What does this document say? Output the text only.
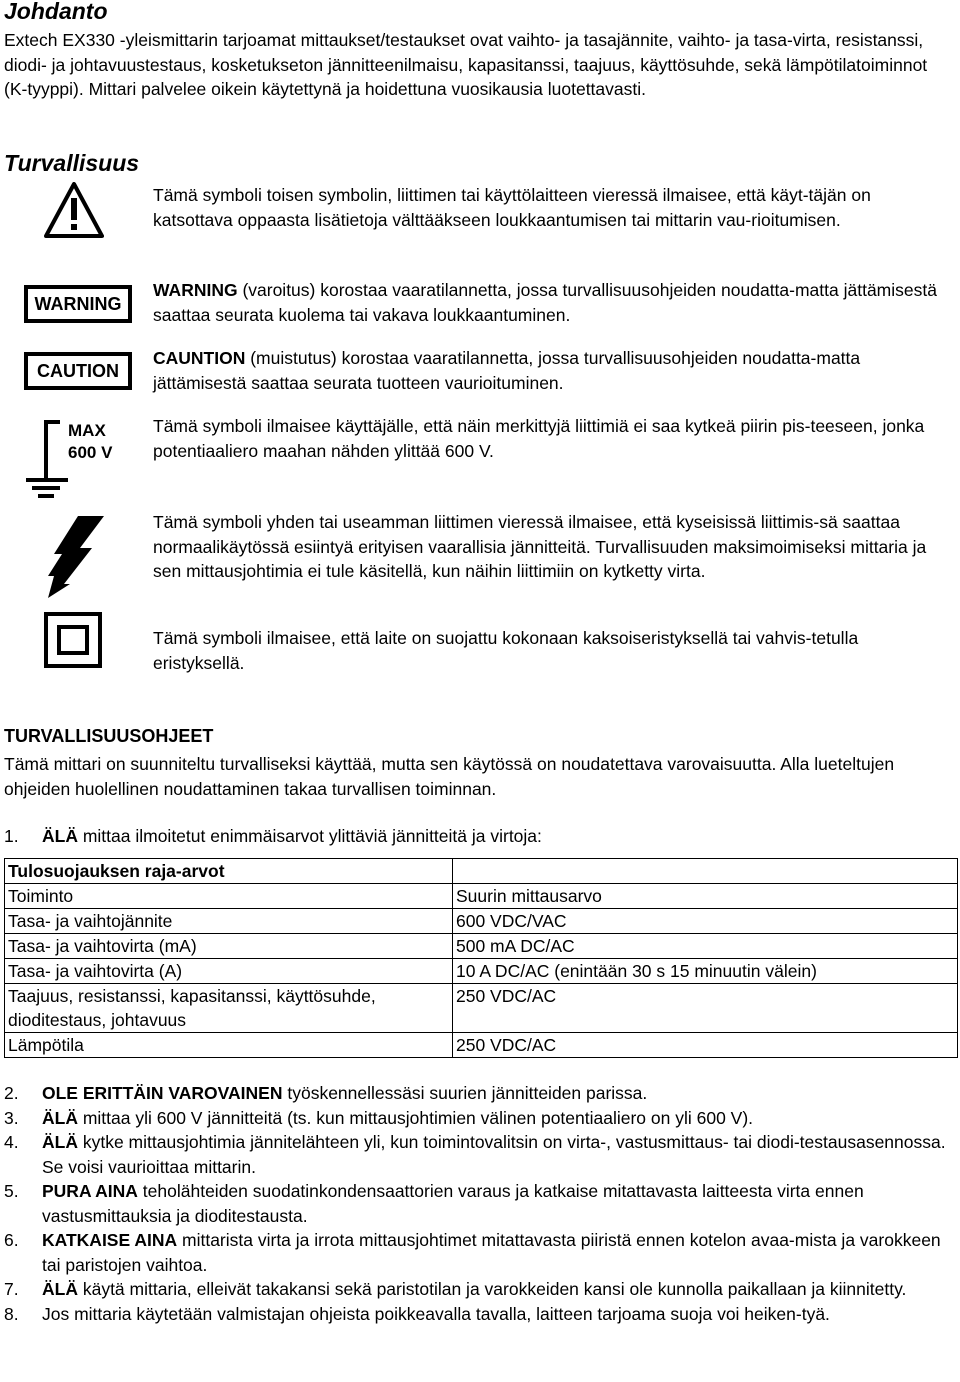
Johdanto
Extech EX330 -yleismittarin tarjoamat mittaukset/testaukset ovat vaihto- ja tasajännite, vaihto- ja tasa-virta, resistanssi, diodi- ja johtavuustestaus, kosketukseton jännitteenilmaisu, kapasitanssi, taajuus, käyttösuhde, sekä lämpötilatoiminnot (K-tyyppi). Mittari palvelee oikein käytettynä ja hoidettuna vuosikausia luotettavasti.
Turvallisuus
Tämä symboli toisen symbolin, liittimen tai käyttölaitteen vieressä ilmaisee, että käyt-täjän on katsottava oppaasta lisätietoja välttääkseen loukkaantumisen tai mittarin vau-rioitumisen.
WARNING
WARNING (varoitus) korostaa vaaratilannetta, jossa turvallisuusohjeiden noudatta-matta jättämisestä saattaa seurata kuolema tai vakava loukkaantuminen.
CAUTION
CAUNTION (muistutus) korostaa vaaratilannetta, jossa turvallisuusohjeiden noudatta-matta jättämisestä saattaa seurata tuotteen vaurioituminen.
MAX
600 V
Tämä symboli ilmaisee käyttäjälle, että näin merkittyjä liittimiä ei saa kytkeä piirin pis-teeseen, jonka potentiaaliero maahan nähden ylittää 600 V.
Tämä symboli yhden tai useamman liittimen vieressä ilmaisee, että kyseisissä liittimis-sä saattaa normaalikäytössä esiintyä erityisen vaarallisia jännitteitä. Turvallisuuden maksimoimiseksi mittaria ja sen mittausjohtimia ei tule käsitellä, kun näihin liittimiin on kytketty virta.
Tämä symboli ilmaisee, että laite on suojattu kokonaan kaksoiseristyksellä tai vahvis-tetulla eristyksellä.
TURVALLISUUSOHJEET
Tämä mittari on suunniteltu turvalliseksi käyttää, mutta sen käytössä on noudatettava varovaisuutta. Alla lueteltujen ohjeiden huolellinen noudattaminen takaa turvallisen toiminnan.
1. ÄLÄ mittaa ilmoitetut enimmäisarvot ylittäviä jännitteitä ja virtoja:
Tulosuojauksen raja-arvot	
Toiminto	Suurin mittausarvo
Tasa- ja vaihtojännite	600 VDC/VAC
Tasa- ja vaihtovirta (mA)	500 mA DC/AC
Tasa- ja vaihtovirta (A)	10 A DC/AC (enintään 30 s 15 minuutin välein)
Taajuus, resistanssi, kapasitanssi, käyttösuhde, dioditestaus, johtavuus	250 VDC/AC
Lämpötila	250 VDC/AC
2.	OLE ERITTÄIN VAROVAINEN työskennellessäsi suurien jännitteiden parissa.
3.	ÄLÄ mittaa yli 600 V jännitteitä (ts. kun mittausjohtimien välinen potentiaaliero on yli 600 V).
4.	ÄLÄ kytke mittausjohtimia jännitelähteen yli, kun toimintovalitsin on virta-, vastusmittaus- tai diodi-testausasennossa. Se voisi vaurioittaa mittarin.
5.	PURA AINA teholähteiden suodatinkondensaattorien varaus ja katkaise mitattavasta laitteesta virta ennen vastusmittauksia ja dioditestausta.
6.	KATKAISE AINA mittarista virta ja irrota mittausjohtimet mitattavasta piiristä ennen kotelon avaa-mista ja varokkeen tai paristojen vaihtoa.
7.	ÄLÄ käytä mittaria, elleivät takakansi sekä paristotilan ja varokkeiden kansi ole kunnolla paikallaan ja kiinnitetty.
8.	Jos mittaria käytetään valmistajan ohjeista poikkeavalla tavalla, laitteen tarjoama suoja voi heiken-tyä.
